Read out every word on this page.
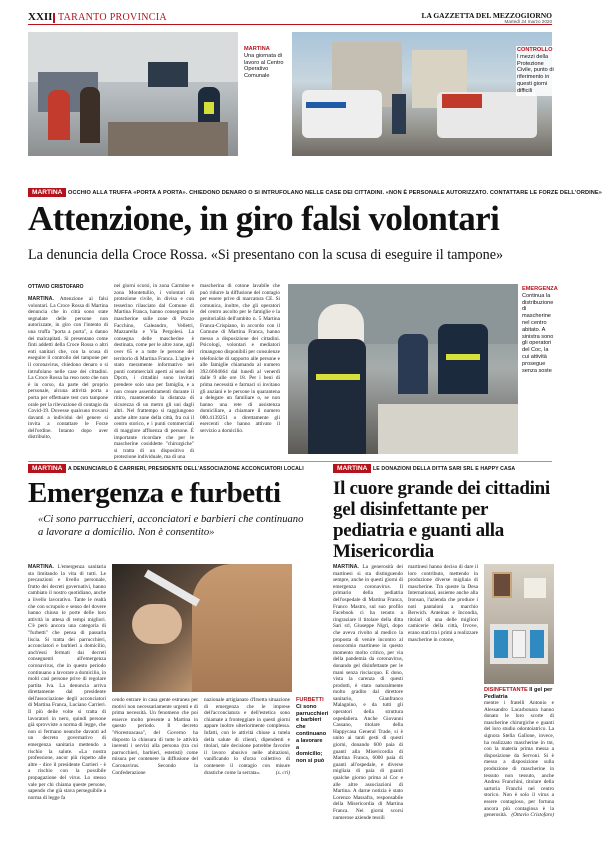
XXII TARANTO PROVINCIA	LA GAZZETTA DEL MEZZOGIORNO
Martedì 24 marzo 2020
MARTINA
Una giornata di lavoro al Centro Operativo Comunale
CONTROLLO
I mezzi della Protezione Civile, punto di riferimento in questi giorni difficili
MARTINA OCCHIO ALLA TRUFFA «PORTA A PORTA». CHIEDONO DENARO O SI INTRUFOLANO NELLE CASE DEI CITTADINI. «NON È PERSONALE AUTORIZZATO. CONTATTARE LE FORZE DELL'ORDINE»
Attenzione, in giro falsi volontari
La denuncia della Croce Rossa. «Si presentano con la scusa di eseguire il tampone»
OTTAVIO CRISTOFARO
MARTINA. Attenzione ai falsi volontari. La Croce Rossa di Martina denuncia che in città sono state segnalate delle persone non autorizzate, in giro con l'intento di una truffa "porta a porta", a danno dei malcapitati. Si presentano come finti addetti della Croce Rossa o altri enti sanitari che, con la scusa di eseguire il controllo del tampone per il coronavirus, chiedono denaro o si intrufolano nelle case dei cittadini. La Croce Rossa ha reso noto che non è in corso, da parte del proprio personale, alcuna attività porta a porta per effettuare test con tampone orale per la rilevazione di contagio da Covid-19. Dovesse qualcuno trovarsi davanti a individui del genere si invita a contattare le Forze dell'ordine. Intanto dopo aver distribuito,
nei giorni scorsi, in zona Carmine e zona Montetullio, i volontari di protezione civile, in divisa e con tesserino rilasciato dal Comune di Martina Franca, hanno consegnato le mascherine sulle zone di Pozzo Facchino, Galeandro, Velletri, Mazzarella e Via Pergolesi. La consegna delle mascherine è destinata, come per le altre zone, agli over 65 e a tutte le persone del territorio di Martina Franca. L'agire è stato meramente informativo nei punti commerciali aperti ai sensi del Dpcm, i cittadini sono invitati prendere solo una per famiglia, e a non creare assembramenti durante il ritiro, mantenendo la distanza di sicurezza di un metro gli uni dagli altri. Nel frattempo si raggiungono anche altre zone della città, fra cui il centro storico, e i punti commerciali di maggiore affluenza di persone. È importante ricordare che per le mascherine cosiddette "chirurgiche" si tratta di un dispositivo di protezione individuale, ma di una
mascherina di cotone lavabile che può ridurre la diffusione del contagio per essere prive di marcatura CE. Si comunica, inoltre, che gli operatori del centro ascolto per le famiglie e la genitorialità dell'ambito n. 5 Martina Franca-Crispiano, in accordo con il Comune di Martina Franca, hanno messo a disposizione dei cittadini. Psicologi, volontari e mediatori rimangono disponibili per consulenze telefoniche di supporto alle persone e alle famiglie chiamando al numero 392.6604664 dal lunedì al venerdì dalle 9 alle ore 18. Per i beni di prima necessità e farmaci si invitano gli anziani e le persone in quarantena a delegare un familiare o, se non hanno una rete di assistenza domiciliare, a chiamare il numero 080.4139251 o direttamente gli esercenti che hanno attivato il servizio a domicilio.
EMERGENZA
Continua la distribuzione di mascherine nel centro abitato. A sinistra sono gli operatori del Coc, la cui attività prosegue senza soste
MARTINA	A DENUNCIARLO È CARRIERI, PRESIDENTE DELL'ASSOCIAZIONE ACCONCIATORI LOCALI
Emergenza e furbetti
«Ci sono parrucchieri, acconciatori e barbieri che continuano a lavorare a domicilio. Non è consentito»
MARTINA. L'emergenza sanitaria sta limitando la vita di tutti. Le precauzioni e livello personale, frutto dei decreti governativi, hanno cambiato il nostro quotidiano, anche a livello lavorativo. Tante le realtà che con scrupolo e senso del dovere hanno chiuso le porte delle loro attività in attesa di tempi migliori. C'è però ancora una categoria di "furbetti" che pensa di passarla liscia. Si tratta dei parrucchieri, acconciatori e barbieri a domicilio, anch'essi fermati dai decreti conseguenti all'emergenza coronavirus, che in questo periodo continuano a lavorare a domicilio, in molti casi persone prive di regolare partita Iva. La denuncia arriva direttamente dal presidente dell'associazione degli acconciatori di Martina Franca, Luciano Carrieri. Il più delle volte si tratta di lavoratori in nero, quindi persone già sprovviste a norma di legge, che non si fermano neanche davanti ad un decreto governativo di emergenza sanitaria mettendo a rischio la salute. «La nostra professione, ancor più rispetto alle altre - dice il presidente Carrieri - è a rischio con la possibile propagazione del virus. Lo stesso vale per chi chiama queste persone, sapendo che già stava perseguibile a norma di legge fa
cendo entrare in casa gente estranea per motivi non necessariamente urgenti e di prima necessità. Un fenomeno che poi esserce molto presente a Martina in questo periodo. Il decreto "#iorestoacasa", del Governo ha disposto la chiusura di tutte le attività inerenti i servizi alla persona (tra cui parrucchieri, barbieri, estetisti) come misura per contenere la diffusione del Coronavirus. Secondo la Confederazione
nazionale artigianato d'Irsetta situazione di emergenza che le imprese dell'acconciatura e dell'estetica sono chiamate a fronteggiare in questi giorni appare inoltre ulteriormente complessa. Infatti, con le attività chiuse a tutela della salute di clienti, dipendenti e titolari, tale decisione potrebbe favorire il lavoro abusivo nelle abitazioni, vanificando lo sforzo collettivo di contenere il contagio con misure drastiche come la serrata».	(s. cri)
FURBETTI
Ci sono parrucchieri e barbieri che continuano a lavorare a domicilio; non si può
MARTINA	LE DONAZIONI DELLA DITTA SARI SRL E HAPPY CASA
Il cuore grande dei cittadini gel disinfettante per pediatria e guanti alla Misericordia
MARTINA. La generosità dei martinesi si sta distinguendo sempre, anche in questi giorni di emergenza coronavirus. Il primario della pediatria dell'ospedale di Martina Franca, Franco Mastro, sul suo profilo Facebook ci ha tenuto a ringraziare il titolare della ditta Sari srl, Giuseppe Nigri, dopo che aveva rivolto al medico la proposta di venire incontro al nosocomio martinese in questo momento molto critico, per via della pandemia da coronavirus, donando gel disinfettante per le mani senza risciacquo. E dono, vista la carenza di questi prodotti, è stato naturalmente molto gradito dal direttore sanitario, Gianfranco Malagnino, e da tutti gli operatori della struttura ospedaliera. Anche Giovanni Cassano, titolare della Happycasa General Trade, si è unito ai tanti gesti di questi giorni, donando 600 paia di guanti alla Misericordia di Martina Franca, 6000 paia di guanti all'ospedale, e diverse migliaia di paia di guanti qualche giorno prima al Coc e alle altre associazioni di Martina. A darne notizia è stato Lorenzo Massafra, responsabile della Misericordia di Martina Franca. Nei giorni scorsi numerose aziende tessili
martinesi hanno deciso di dare il loro contributo, mettendo in produzione diverse migliaia di mascherine. Tra queste la Desa International, assieme anche alla Ironsan, l'azienda che produce i noti pantaloni a marchio Berwich. Anteinas e Incondia, titolari di una delle migliori camicerie della città, Irvove, erano stati tra i primi a realizzare mascherine in cotone,
DISINFETTANTE Il gel per Pediatria
mentre i fratelli Antonio e Alessandro Lacarbonara hanno donato le loro scorte di mascherine chirurgiche e guanti del loro studio odontoiatrico. La signora Stella Gallone, invece, ha realizzato mascherine in tnt, con la materia prima messa a disposizione da Servoni. Si è messo a disposizione sulla produzione di mascherine in tessuto non tessuto, anche Andrea Franchini, titolare della sartoria Franchi nel centro storico. Non è solo il virus a essere contagioso, per fortuna ancora più contagiosa è la generosità. (Ottavio Cristofaro)
